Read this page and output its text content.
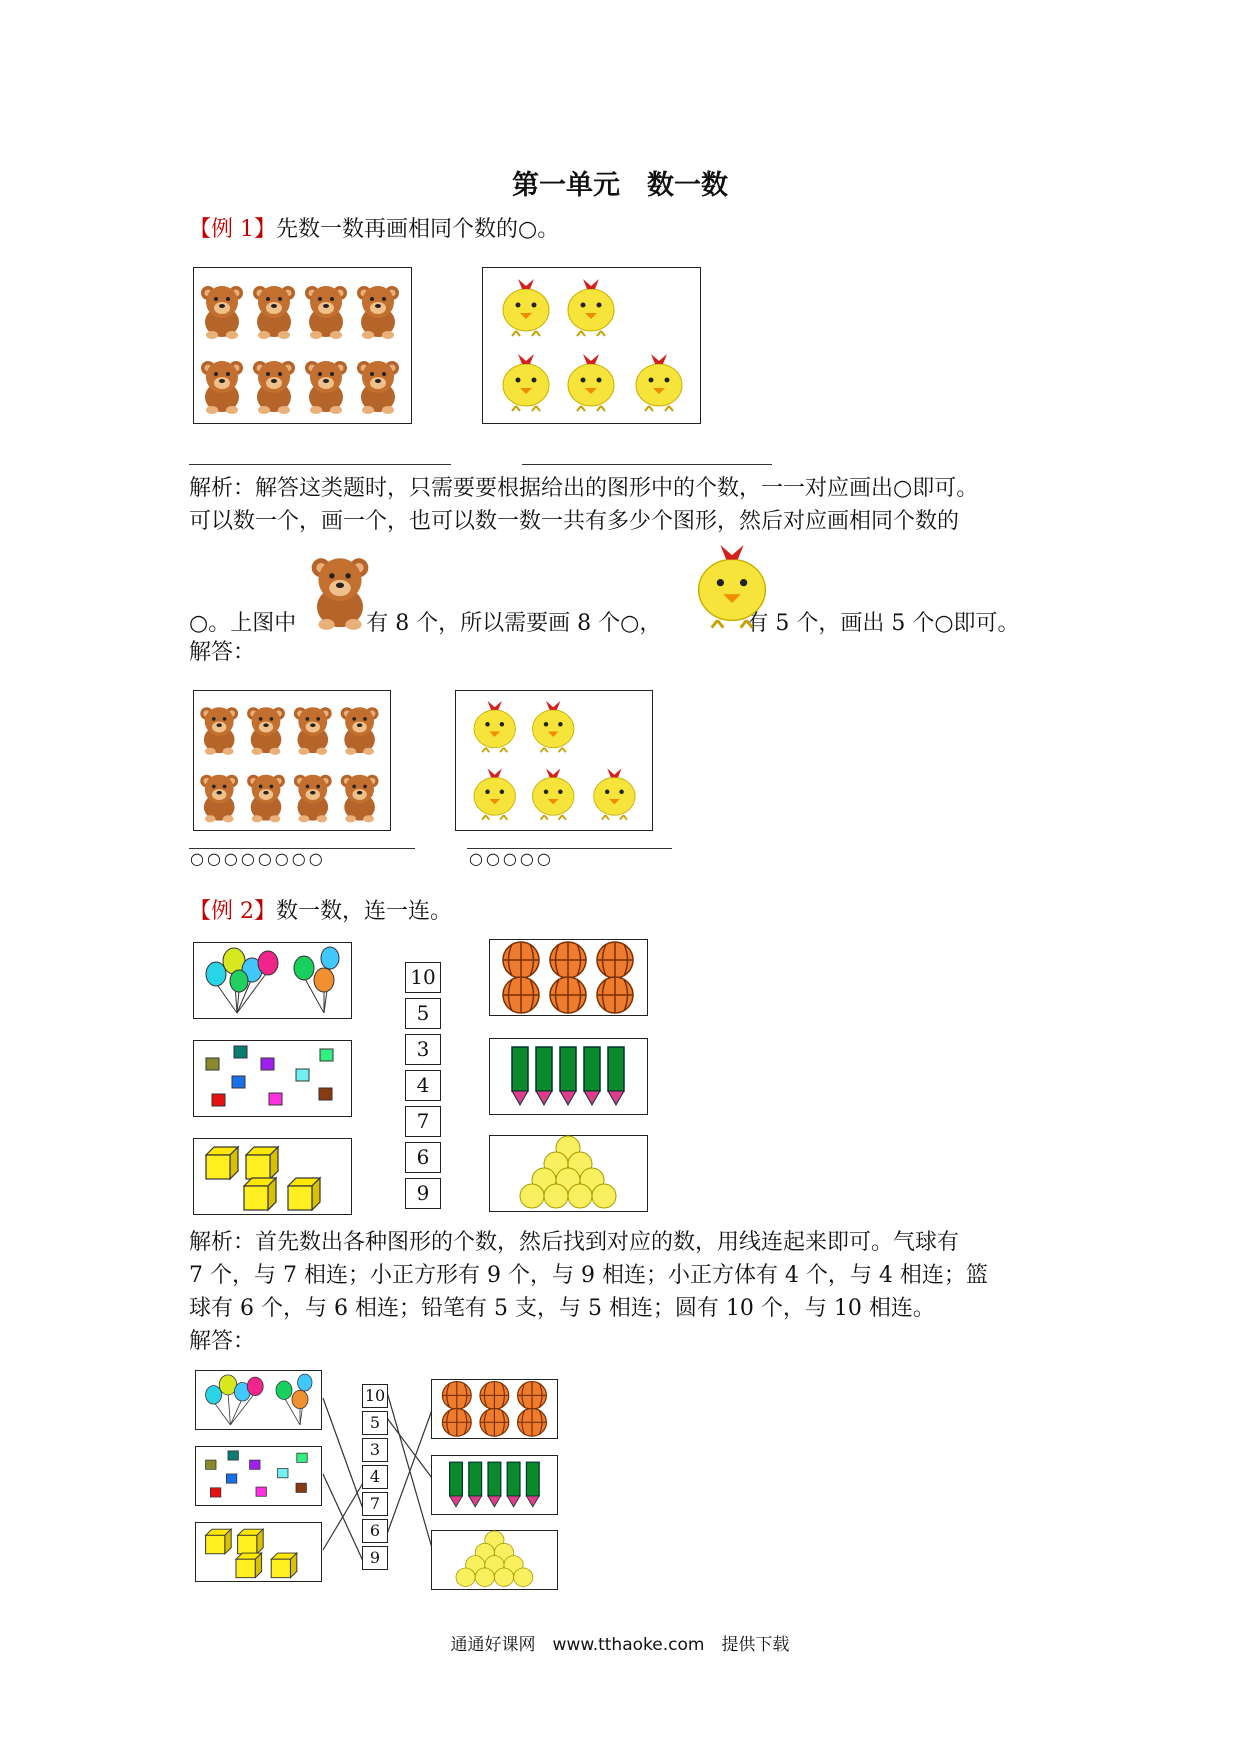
第一单元　数一数
【例 1】先数一数再画相同个数的○。
解析：解答这类题时，只需要要根据给出的图形中的个数，一一对应画出○即可。
可以数一个，画一个，也可以数一数一共有多少个图形，然后对应画相同个数的
○。上图中	有 8 个，所以需要画 8 个○，	有 5 个，画出 5 个○即可。
解答：
○○○○○○○○	○○○○○
【例 2】数一数，连一连。
10
5
3
4
7
6
9
解析：首先数出各种图形的个数，然后找到对应的数，用线连起来即可。气球有
7 个，与 7 相连；小正方形有 9 个，与 9 相连；小正方体有 4 个，与 4 相连；篮
球有 6 个，与 6 相连；铅笔有 5 支，与 5 相连；圆有 10 个，与 10 相连。
解答：
10
5
3
4
7
6
9
通通好课网　www.tthaoke.com　提供下载
